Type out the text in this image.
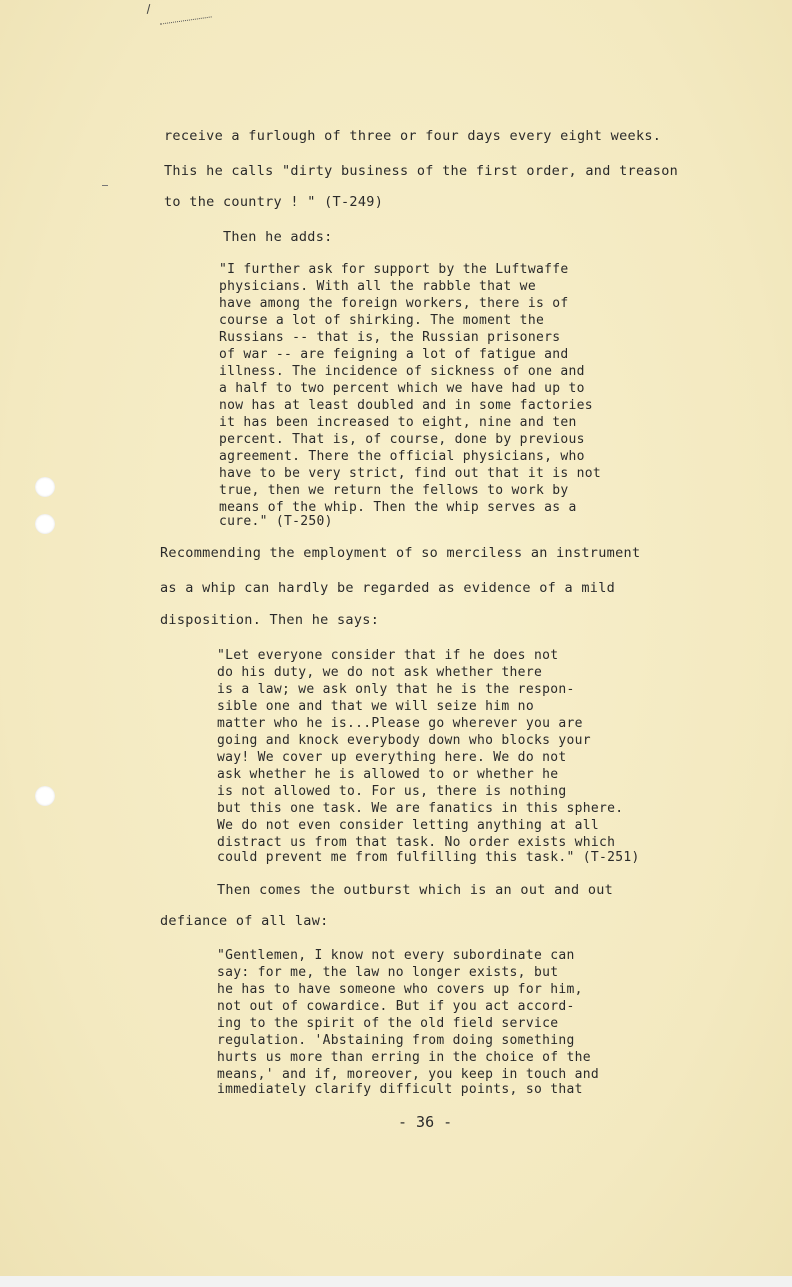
receive a furlough of three or four days every eight weeks.
This he calls "dirty business of the first order, and treason
to the country ! " (T-249)
Then he adds:
"I further ask for support by the Luftwaffe
physicians. With all the rabble that we
have among the foreign workers, there is of
course a lot of shirking. The moment the
Russians -- that is, the Russian prisoners
of war -- are feigning a lot of fatigue and
illness. The incidence of sickness of one and
a half to two percent which we have had up to
now has at least doubled and in some factories
it has been increased to eight, nine and ten
percent. That is, of course, done by previous
agreement. There the official physicians, who
have to be very strict, find out that it is not
true, then we return the fellows to work by
means of the whip. Then the whip serves as a
cure." (T-250)
Recommending the employment of so merciless an instrument
as a whip can hardly be regarded as evidence of a mild
disposition. Then he says:
"Let everyone consider that if he does not
do his duty, we do not ask whether there
is a law; we ask only that he is the respon-
sible one and that we will seize him no
matter who he is...Please go wherever you are
going and knock everybody down who blocks your
way! We cover up everything here. We do not
ask whether he is allowed to or whether he
is not allowed to. For us, there is nothing
but this one task. We are fanatics in this sphere.
We do not even consider letting anything at all
distract us from that task. No order exists which
could prevent me from fulfilling this task." (T-251)
Then comes the outburst which is an out and out
defiance of all law:
"Gentlemen, I know not every subordinate can
say: for me, the law no longer exists, but
he has to have someone who covers up for him,
not out of cowardice. But if you act accord-
ing to the spirit of the old field service
regulation. 'Abstaining from doing something
hurts us more than erring in the choice of the
means,' and if, moreover, you keep in touch and
immediately clarify difficult points, so that
- 36 -
